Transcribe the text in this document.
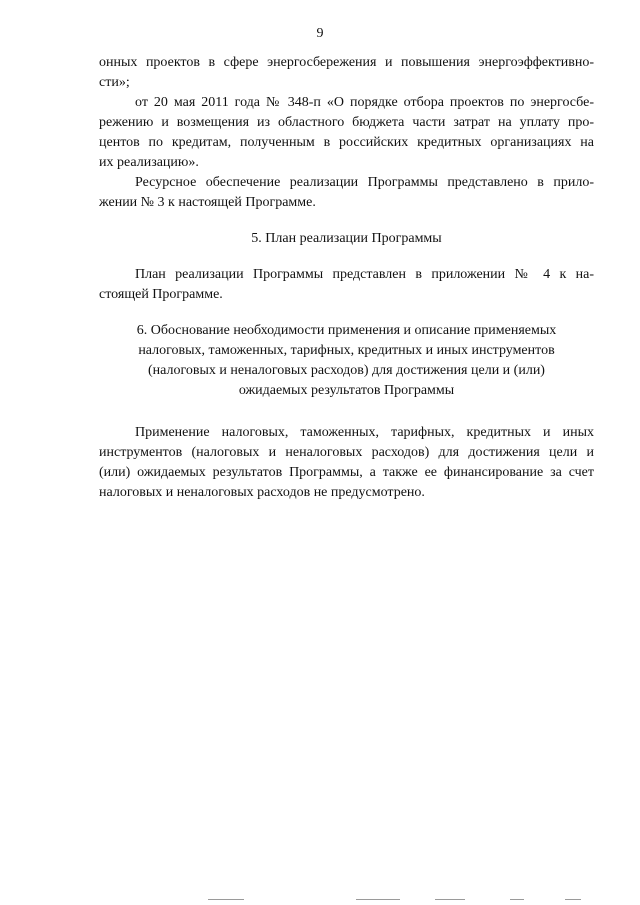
9
онных проектов в сфере энергосбережения и повышения энергоэффективно-
сти»;
от 20 мая 2011 года № 348-п «О порядке отбора проектов по энергосбе-
режению и возмещения из областного бюджета части затрат на уплату про-
центов по кредитам, полученным в российских кредитных организациях на
их реализацию».
Ресурсное обеспечение реализации Программы представлено в прило-
жении № 3 к настоящей Программе.
5. План реализации Программы
План реализации Программы представлен в приложении № 4 к на-
стоящей Программе.
6. Обоснование необходимости применения и описание применяемых
налоговых, таможенных, тарифных, кредитных и иных инструментов
(налоговых и неналоговых расходов) для достижения цели и (или)
ожидаемых результатов Программы
Применение налоговых, таможенных, тарифных, кредитных и иных
инструментов (налоговых и неналоговых расходов) для достижения цели и
(или) ожидаемых результатов Программы, а также ее финансирование за счет
налоговых и неналоговых расходов не предусмотрено.
